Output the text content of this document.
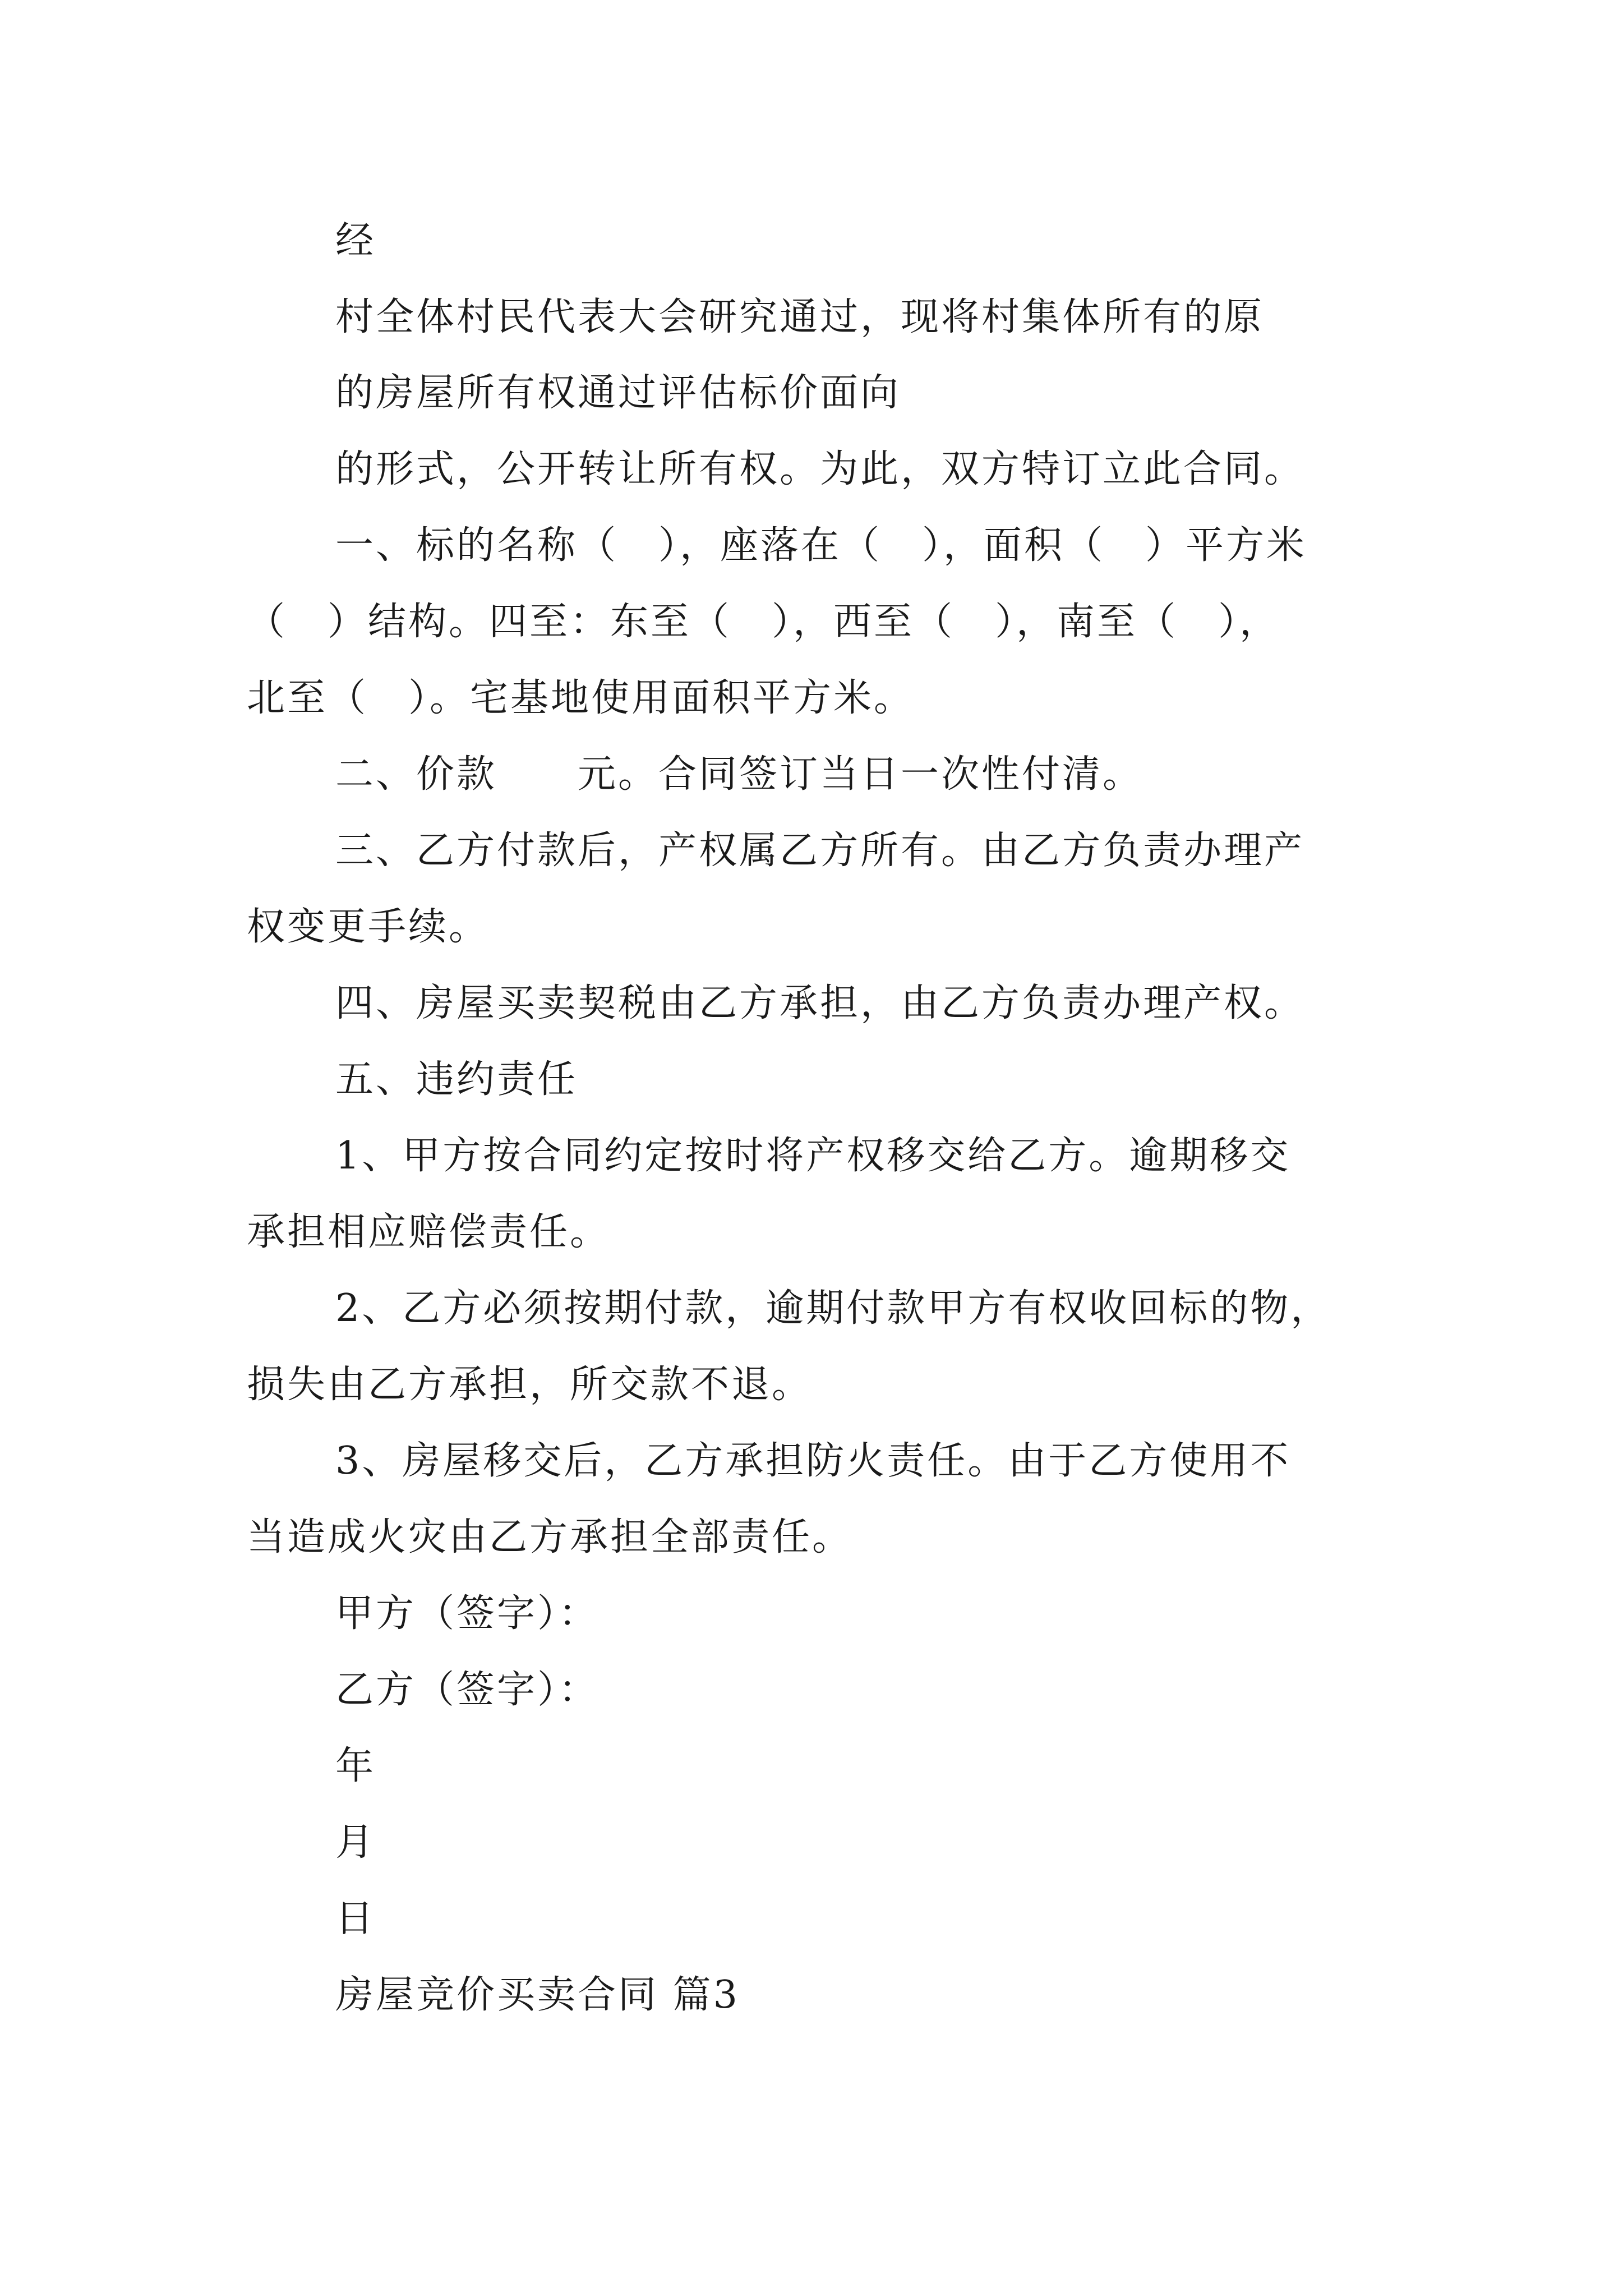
经
村全体村民代表大会研究通过，现将村集体所有的原
的房屋所有权通过评估标价面向
的形式，公开转让所有权。为此，双方特订立此合同。
一、标的名称（　），座落在（　），面积（　）平方米
（　）结构。四至：东至（　），西至（　），南至（　），
北至（　）。宅基地使用面积平方米。
二、价款　　元。合同签订当日一次性付清。
三、乙方付款后，产权属乙方所有。由乙方负责办理产
权变更手续。
四、房屋买卖契税由乙方承担，由乙方负责办理产权。
五、违约责任
1、甲方按合同约定按时将产权移交给乙方。逾期移交
承担相应赔偿责任。
2、乙方必须按期付款，逾期付款甲方有权收回标的物，
损失由乙方承担，所交款不退。
3、房屋移交后，乙方承担防火责任。由于乙方使用不
当造成火灾由乙方承担全部责任。
甲方（签字）：
乙方（签字）：
年
月
日
房屋竞价买卖合同 篇3
